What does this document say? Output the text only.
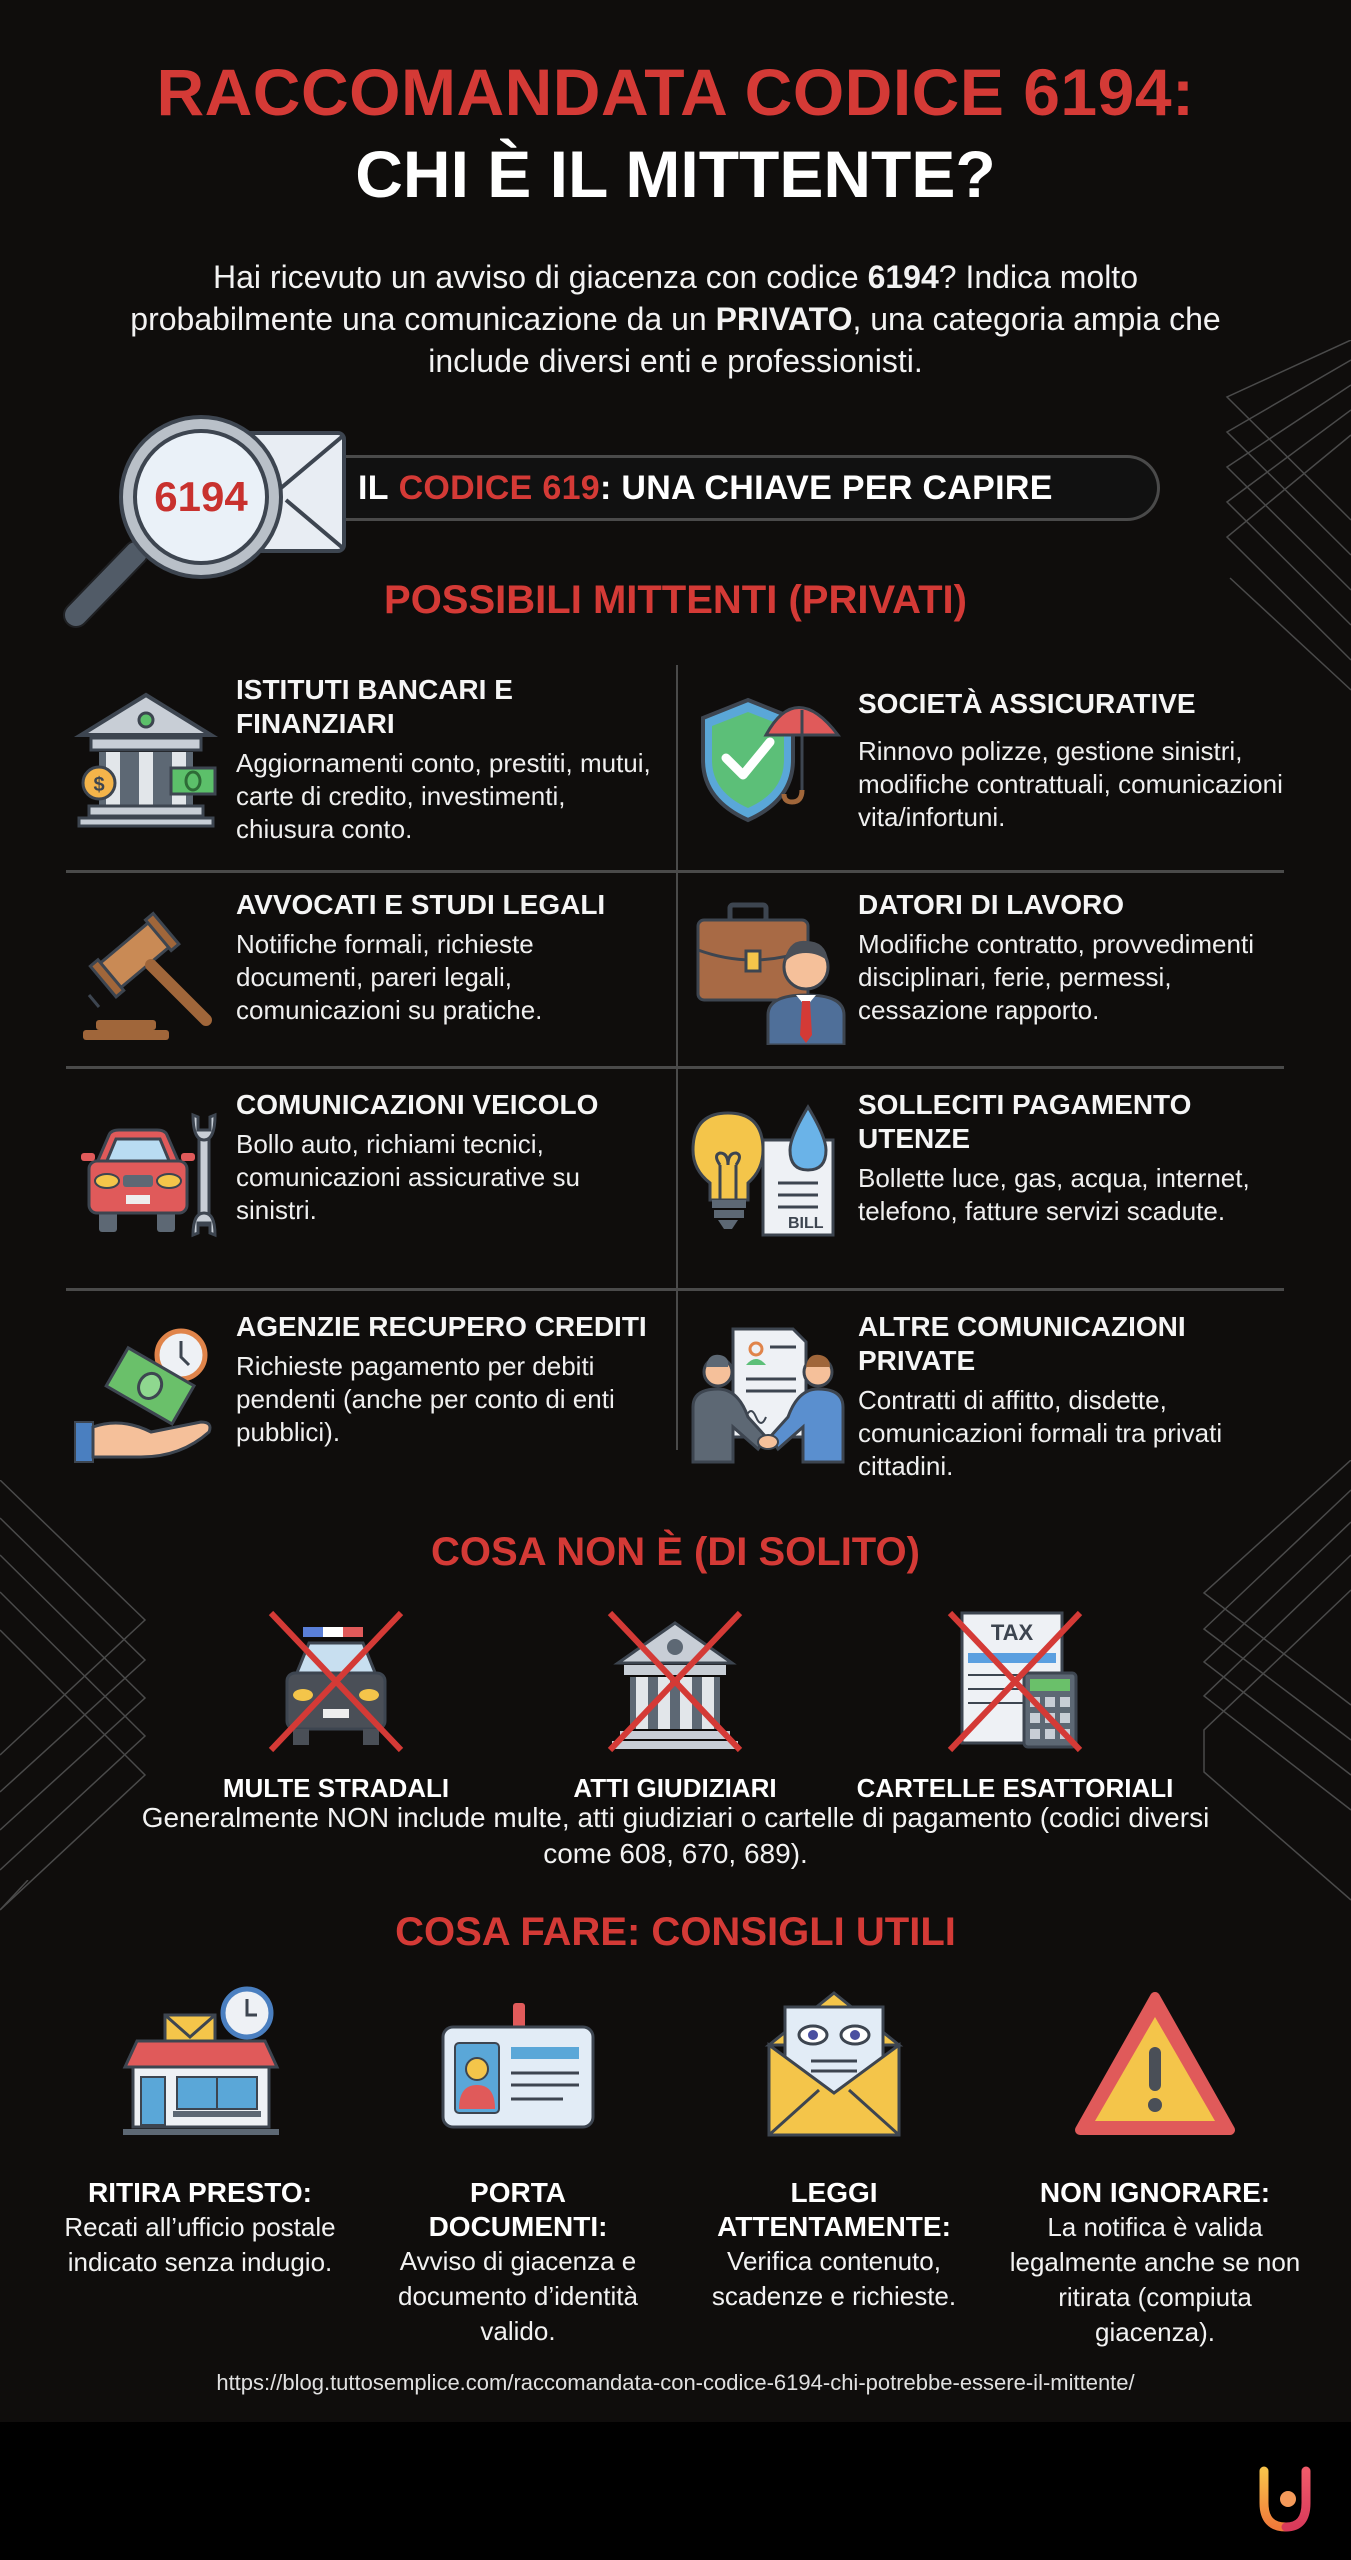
RACCOMANDATA CODICE 6194:
CHI È IL MITTENTE?

Hai ricevuto un avviso di giacenza con codice 6194? Indica molto probabilmente una comunicazione da un PRIVATO, una categoria ampia che include diversi enti e professionisti.

IL
CODICE 619 : UNA CHIAVE PER CAPIRE
6194
POSSIBILI MITTENTI (PRIVATI)
$
ISTITUTI BANCARI E FINANZIARI

Aggiornamenti conto, prestiti, mutui, carte di credito, investimenti, chiusura conto.

SOCIETÀ ASSICURATIVE

Rinnovo polizze, gestione sinistri, modifiche contrattuali, comunicazioni vita/infortuni.

AVVOCATI E STUDI LEGALI

Notifiche formali, richieste documenti, pareri legali, comunicazioni su pratiche.

DATORI DI LAVORO

Modifiche contratto, provvedimenti disciplinari, ferie, permessi, cessazione rapporto.

COMUNICAZIONI VEICOLO

Bollo auto, richiami tecnici, comunicazioni assicurative su sinistri.	BILL
SOLLECITI PAGAMENTO UTENZE

Bollette luce, gas, acqua, internet, telefono, fatture servizi scadute.

AGENZIE RECUPERO CREDITI

Richieste pagamento per debiti pendenti (anche per conto di enti pubblici).

ALTRE COMUNICAZIONI PRIVATE

Contratti di affitto, disdette, comunicazioni formali tra privati cittadini.

COSA NON È (DI SOLITO)
MULTE STRADALI	ATTI GIUDIZIARI
TAX
CARTELLE ESATTORIALI

Generalmente NON include multe, atti giudiziari o cartelle di pagamento (codici diversi come 608, 670, 689).

COSA FARE: CONSIGLI UTILI
RITIRA PRESTO:

Recati all’ufficio postale indicato senza indugio.

PORTA DOCUMENTI:

Avviso di giacenza e documento d’identità valido.

LEGGI ATTENTAMENTE:

Verifica contenuto, scadenze e richieste.

NON IGNORARE:

La notifica è valida legalmente anche se non ritirata (compiuta giacenza).

https://blog.tuttosemplice.com/raccomandata-con-codice-6194-chi-potrebbe-essere-il-mittente/
